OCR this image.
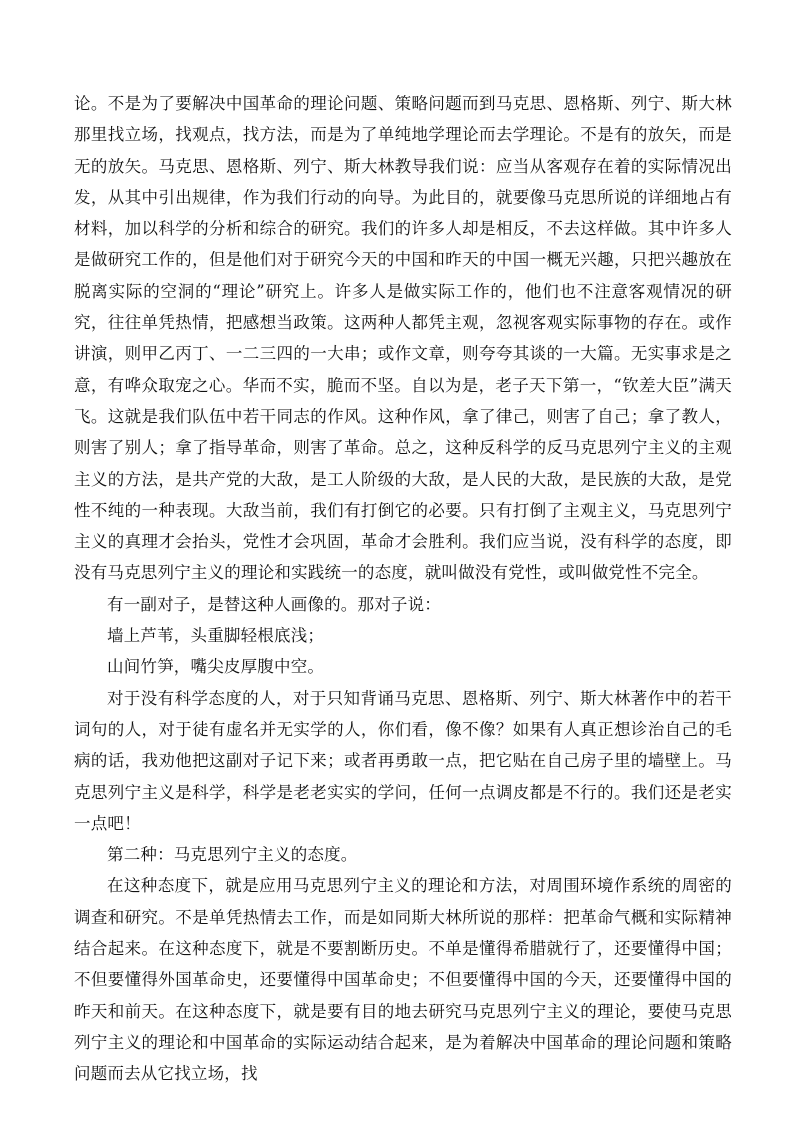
论。不是为了要解决中国革命的理论问题、策略问题而到马克思、恩格斯、列宁、斯大林那里找立场，找观点，找方法，而是为了单纯地学理论而去学理论。不是有的放矢，而是无的放矢。马克思、恩格斯、列宁、斯大林教导我们说：应当从客观存在着的实际情况出发，从其中引出规律，作为我们行动的向导。为此目的，就要像马克思所说的详细地占有材料，加以科学的分析和综合的研究。我们的许多人却是相反，不去这样做。其中许多人是做研究工作的，但是他们对于研究今天的中国和昨天的中国一概无兴趣，只把兴趣放在脱离实际的空洞的“理论”研究上。许多人是做实际工作的，他们也不注意客观情况的研究，往往单凭热情，把感想当政策。这两种人都凭主观，忽视客观实际事物的存在。或作讲演，则甲乙丙丁、一二三四的一大串；或作文章，则夸夸其谈的一大篇。无实事求是之意，有哗众取宠之心。华而不实，脆而不坚。自以为是，老子天下第一，“钦差大臣”满天飞。这就是我们队伍中若干同志的作风。这种作风，拿了律己，则害了自己；拿了教人，则害了别人；拿了指导革命，则害了革命。总之，这种反科学的反马克思列宁主义的主观主义的方法，是共产党的大敌，是工人阶级的大敌，是人民的大敌，是民族的大敌，是党性不纯的一种表现。大敌当前，我们有打倒它的必要。只有打倒了主观主义，马克思列宁主义的真理才会抬头，党性才会巩固，革命才会胜利。我们应当说，没有科学的态度，即没有马克思列宁主义的理论和实践统一的态度，就叫做没有党性，或叫做党性不完全。

有一副对子，是替这种人画像的。那对子说：

墙上芦苇，头重脚轻根底浅；

山间竹笋，嘴尖皮厚腹中空。

对于没有科学态度的人，对于只知背诵马克思、恩格斯、列宁、斯大林著作中的若干词句的人，对于徒有虚名并无实学的人，你们看，像不像？如果有人真正想诊治自己的毛病的话，我劝他把这副对子记下来；或者再勇敢一点，把它贴在自己房子里的墙壁上。马克思列宁主义是科学，科学是老老实实的学问，任何一点调皮都是不行的。我们还是老实一点吧！

第二种：马克思列宁主义的态度。

在这种态度下，就是应用马克思列宁主义的理论和方法，对周围环境作系统的周密的调查和研究。不是单凭热情去工作，而是如同斯大林所说的那样：把革命气概和实际精神结合起来。在这种态度下，就是不要割断历史。不单是懂得希腊就行了，还要懂得中国；不但要懂得外国革命史，还要懂得中国革命史；不但要懂得中国的今天，还要懂得中国的昨天和前天。在这种态度下，就是要有目的地去研究马克思列宁主义的理论，要使马克思列宁主义的理论和中国革命的实际运动结合起来，是为着解决中国革命的理论问题和策略问题而去从它找立场，找
